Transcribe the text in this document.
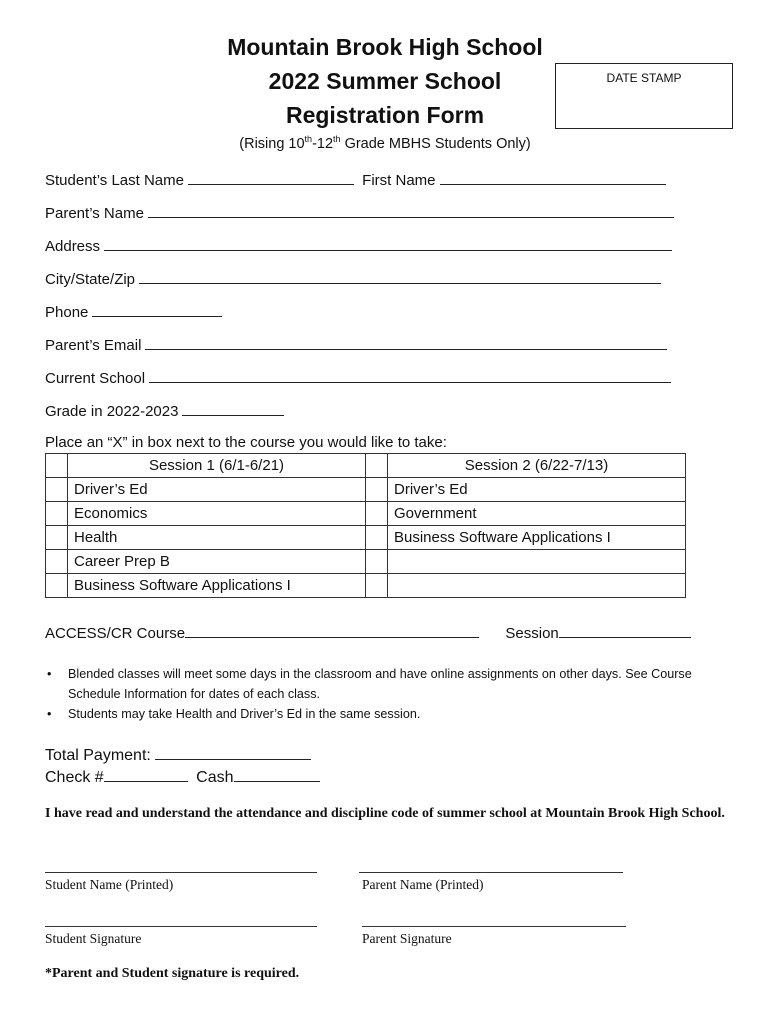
Mountain Brook High School
2022 Summer School
Registration Form
(Rising 10th-12th Grade MBHS Students Only)
DATE STAMP
Student’s Last Name	First Name
Parent’s Name
Address
City/State/Zip
Phone
Parent’s Email
Current School
Grade in 2022-2023
Place an “X” in box next to the course you would like to take:
	Session 1 (6/1-6/21)		Session 2 (6/22-7/13)
	Driver’s Ed		Driver’s Ed
	Economics		Government
	Health		Business Software Applications I
	Career Prep B		
	Business Software Applications I		
ACCESS/CR Course	Session
• Blended classes will meet some days in the classroom and have online assignments on other days. See Course Schedule Information for dates of each class.
• Students may take Health and Driver’s Ed in the same session.
Total Payment:
Check #	Cash
I have read and understand the attendance and discipline code of summer school at Mountain Brook High School.
Student Name (Printed)	Parent Name (Printed)
Student Signature	Parent Signature
*Parent and Student signature is required.
